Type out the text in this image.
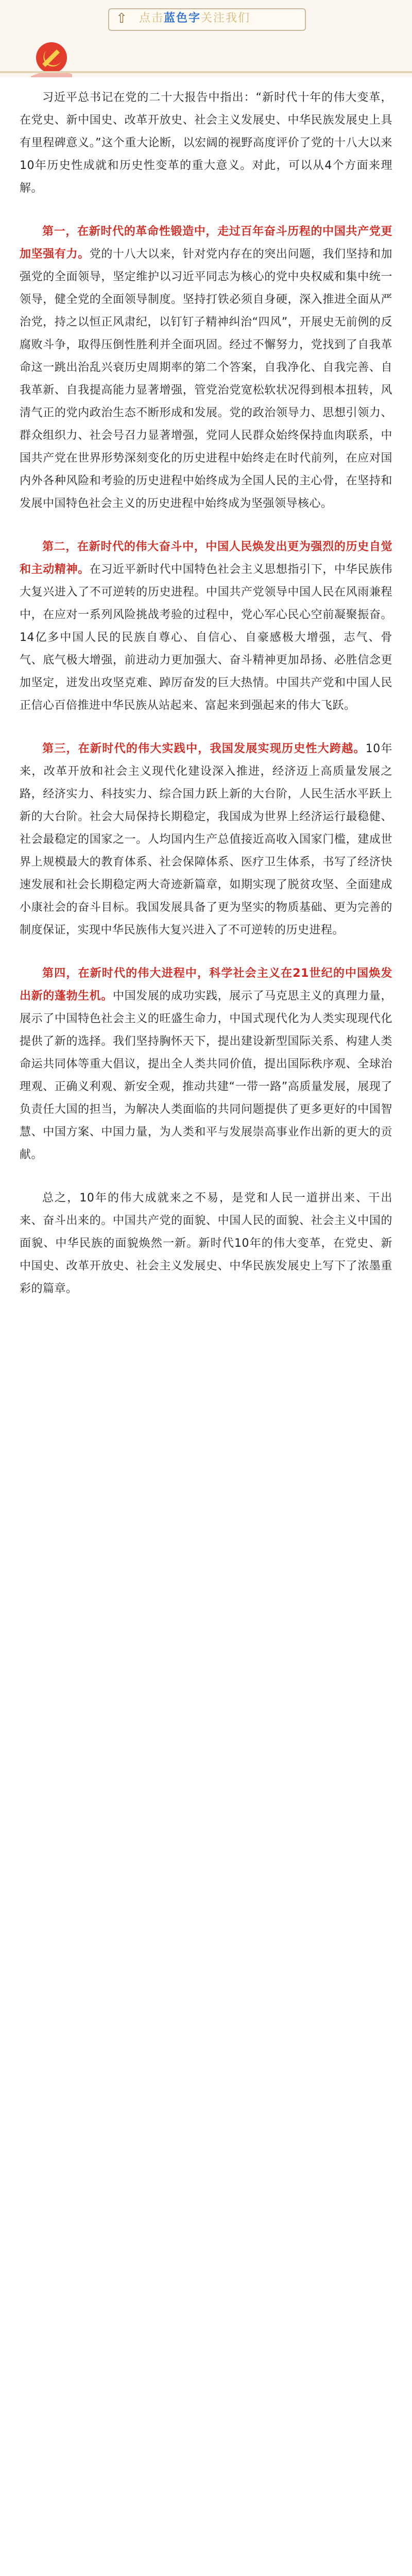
⇧ 点击蓝色字关注我们

习近平总书记在党的二十大报告中指出：“新时代十年的伟大变革，在党史、新中国史、改革开放史、社会主义发展史、中华民族发展史上具有里程碑意义。”这个重大论断，以宏阔的视野高度评价了党的十八大以来10年历史性成就和历史性变革的重大意义。对此，可以从4个方面来理解。

第一，在新时代的革命性锻造中，走过百年奋斗历程的中国共产党更加坚强有力。党的十八大以来，针对党内存在的突出问题，我们坚持和加强党的全面领导，坚定维护以习近平同志为核心的党中央权威和集中统一领导，健全党的全面领导制度。坚持打铁必须自身硬，深入推进全面从严治党，持之以恒正风肃纪，以钉钉子精神纠治“四风”，开展史无前例的反腐败斗争，取得压倒性胜利并全面巩固。经过不懈努力，党找到了自我革命这一跳出治乱兴衰历史周期率的第二个答案，自我净化、自我完善、自我革新、自我提高能力显著增强，管党治党宽松软状况得到根本扭转，风清气正的党内政治生态不断形成和发展。党的政治领导力、思想引领力、群众组织力、社会号召力显著增强，党同人民群众始终保持血肉联系，中国共产党在世界形势深刻变化的历史进程中始终走在时代前列，在应对国内外各种风险和考验的历史进程中始终成为全国人民的主心骨，在坚持和发展中国特色社会主义的历史进程中始终成为坚强领导核心。

第二，在新时代的伟大奋斗中，中国人民焕发出更为强烈的历史自觉和主动精神。在习近平新时代中国特色社会主义思想指引下，中华民族伟大复兴进入了不可逆转的历史进程。中国共产党领导中国人民在风雨兼程中，在应对一系列风险挑战考验的过程中，党心军心民心空前凝聚振奋。14亿多中国人民的民族自尊心、自信心、自豪感极大增强，志气、骨气、底气极大增强，前进动力更加强大、奋斗精神更加昂扬、必胜信念更加坚定，迸发出攻坚克难、踔厉奋发的巨大热情。中国共产党和中国人民正信心百倍推进中华民族从站起来、富起来到强起来的伟大飞跃。

第三，在新时代的伟大实践中，我国发展实现历史性大跨越。10年来，改革开放和社会主义现代化建设深入推进，经济迈上高质量发展之路，经济实力、科技实力、综合国力跃上新的大台阶，人民生活水平跃上新的大台阶。社会大局保持长期稳定，我国成为世界上经济运行最稳健、社会最稳定的国家之一。人均国内生产总值接近高收入国家门槛，建成世界上规模最大的教育体系、社会保障体系、医疗卫生体系，书写了经济快速发展和社会长期稳定两大奇迹新篇章，如期实现了脱贫攻坚、全面建成小康社会的奋斗目标。我国发展具备了更为坚实的物质基础、更为完善的制度保证，实现中华民族伟大复兴进入了不可逆转的历史进程。

第四，在新时代的伟大进程中，科学社会主义在21世纪的中国焕发出新的蓬勃生机。中国发展的成功实践，展示了马克思主义的真理力量，展示了中国特色社会主义的旺盛生命力，中国式现代化为人类实现现代化提供了新的选择。我们坚持胸怀天下，提出建设新型国际关系、构建人类命运共同体等重大倡议，提出全人类共同价值，提出国际秩序观、全球治理观、正确义利观、新安全观，推动共建“一带一路”高质量发展，展现了负责任大国的担当，为解决人类面临的共同问题提供了更多更好的中国智慧、中国方案、中国力量，为人类和平与发展崇高事业作出新的更大的贡献。

总之，10年的伟大成就来之不易，是党和人民一道拼出来、干出来、奋斗出来的。中国共产党的面貌、中国人民的面貌、社会主义中国的面貌、中华民族的面貌焕然一新。新时代10年的伟大变革，在党史、新中国史、改革开放史、社会主义发展史、中华民族发展史上写下了浓墨重彩的篇章。
